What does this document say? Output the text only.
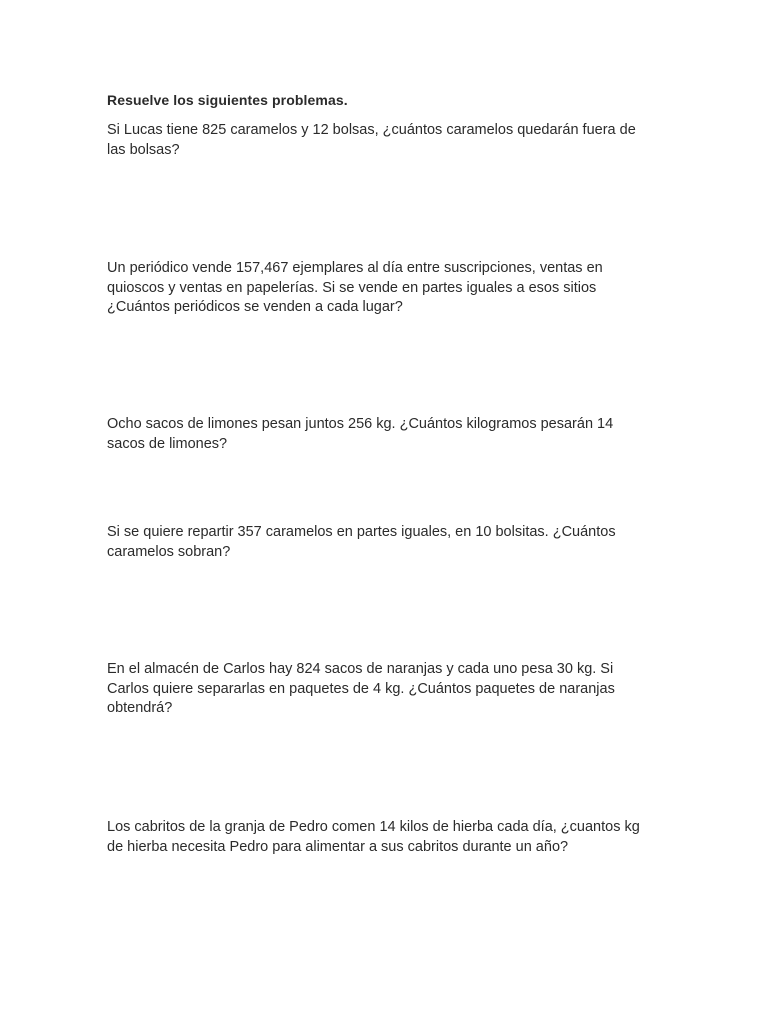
Resuelve los siguientes problemas.

Si Lucas tiene 825 caramelos y 12 bolsas, ¿cuántos caramelos quedarán fuera de
las bolsas?

Un periódico vende 157,467 ejemplares al día entre suscripciones, ventas en
quioscos y ventas en papelerías. Si se vende en partes iguales a esos sitios
¿Cuántos periódicos se venden a cada lugar?

Ocho sacos de limones pesan juntos 256 kg. ¿Cuántos kilogramos pesarán 14
sacos de limones?

Si se quiere repartir 357 caramelos en partes iguales, en 10 bolsitas. ¿Cuántos
caramelos sobran?

En el almacén de Carlos hay 824 sacos de naranjas y cada uno pesa 30 kg. Si
Carlos quiere separarlas en paquetes de 4 kg. ¿Cuántos paquetes de naranjas
obtendrá?

Los cabritos de la granja de Pedro comen 14 kilos de hierba cada día, ¿cuantos kg
de hierba necesita Pedro para alimentar a sus cabritos durante un año?
